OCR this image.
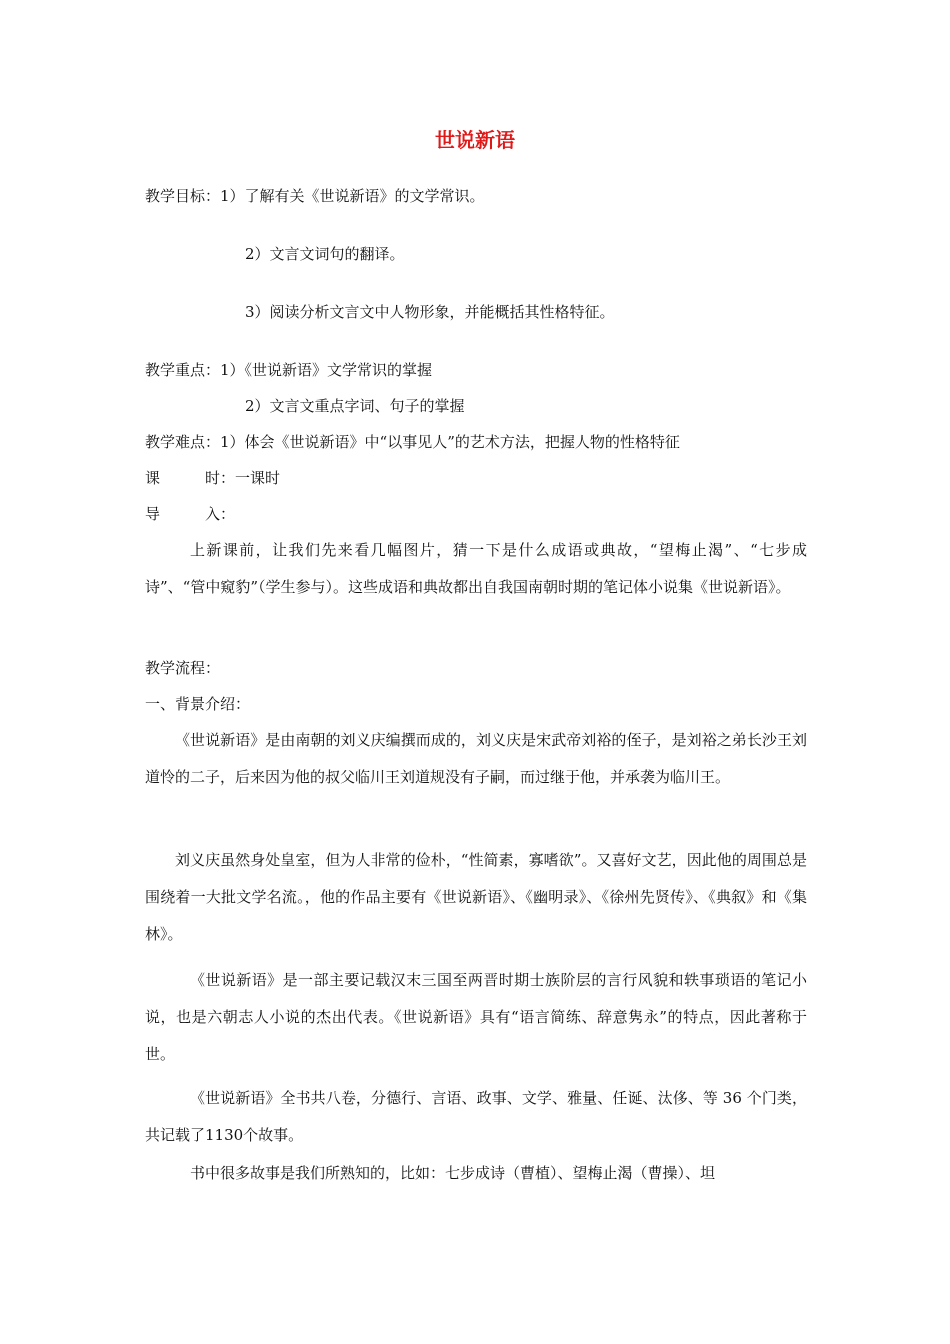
世说新语
教学目标：1）了解有关《世说新语》的文学常识。
2）文言文词句的翻译。
3）阅读分析文言文中人物形象，并能概括其性格特征。
教学重点：1）《世说新语》文学常识的掌握
2）文言文重点字词、句子的掌握
教学难点：1）体会《世说新语》中“以事见人”的艺术方法，把握人物的性格特征
课	时：一课时
导	入：
上新课前，让我们先来看几幅图片，猜一下是什么成语或典故，“望梅止渴”、“七步成诗”、“管中窥豹”（学生参与）。这些成语和典故都出自我国南朝时期的笔记体小说集《世说新语》。
教学流程：
一、背景介绍：
《世说新语》是由南朝的刘义庆编撰而成的，刘义庆是宋武帝刘裕的侄子，是刘裕之弟长沙王刘道怜的二子，后来因为他的叔父临川王刘道规没有子嗣，而过继于他，并承袭为临川王。
刘义庆虽然身处皇室，但为人非常的俭朴，“性简素，寡嗜欲”。又喜好文艺，因此他的周围总是围绕着一大批文学名流。，他的作品主要有《世说新语》、《幽明录》、《徐州先贤传》、《典叙》和《集林》。
《世说新语》是一部主要记载汉末三国至两晋时期士族阶层的言行风貌和轶事琐语的笔记小说，也是六朝志人小说的杰出代表。《世说新语》具有“语言简练、辞意隽永”的特点，因此著称于世。
《世说新语》全书共八卷，分德行、言语、政事、文学、雅量、任诞、汰侈、等 36 个门类，共记载了1130个故事。
书中很多故事是我们所熟知的，比如：七步成诗（曹植）、望梅止渴（曹操）、坦
